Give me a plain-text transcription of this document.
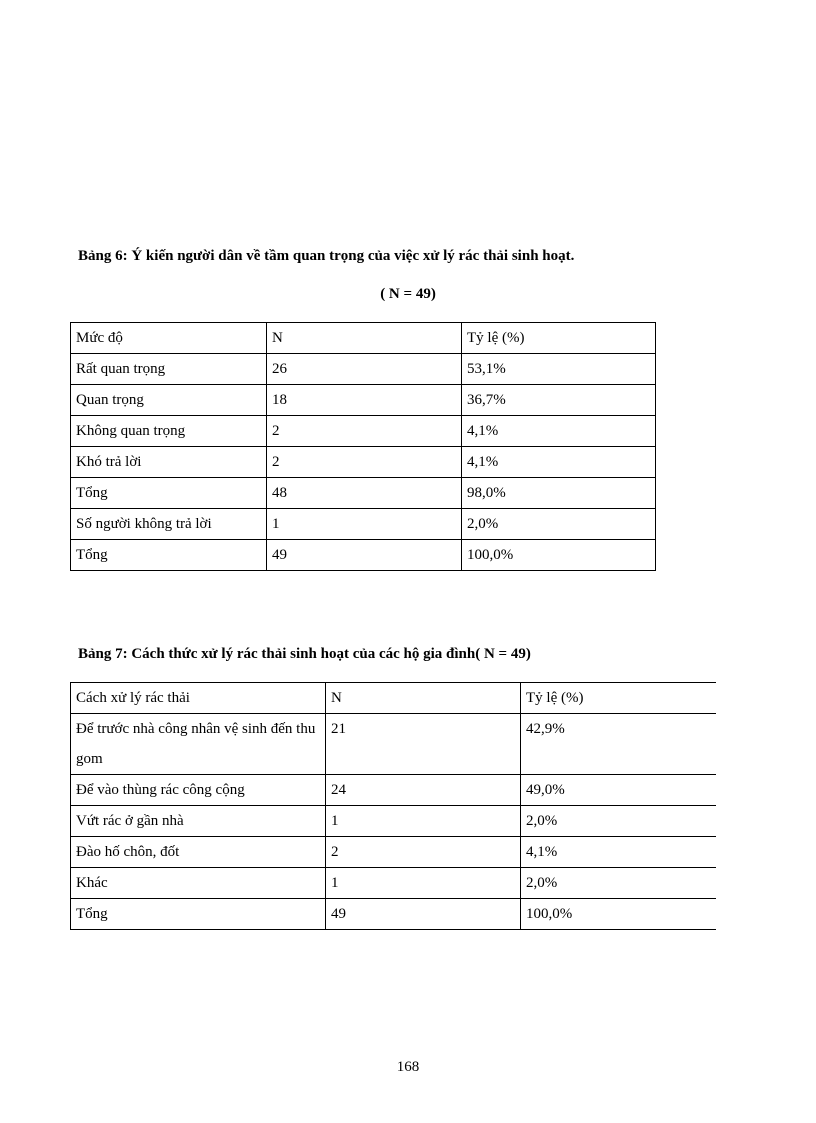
Bảng 6: Ý kiến người dân về tầm quan trọng của việc xử lý rác thải sinh hoạt.

( N = 49)

Mức độ	N	Tỷ lệ (%)
Rất quan trọng	26	53,1%
Quan trọng	18	36,7%
Không quan trọng	2	4,1%
Khó trả lời	2	4,1%
Tổng	48	98,0%
Số người không trả lời	1	2,0%
Tổng	49	100,0%

Bảng 7: Cách thức xử lý rác thải sinh hoạt của các hộ gia đình( N = 49)

Cách xử lý rác thải	N	Tỷ lệ (%)
Để trước nhà công nhân vệ sinh đến thu gom	21	42,9%
Để vào thùng rác công cộng	24	49,0%
Vứt rác ở gần nhà	1	2,0%
Đào hố chôn, đốt	2	4,1%
Khác	1	2,0%
Tổng	49	100,0%
168
